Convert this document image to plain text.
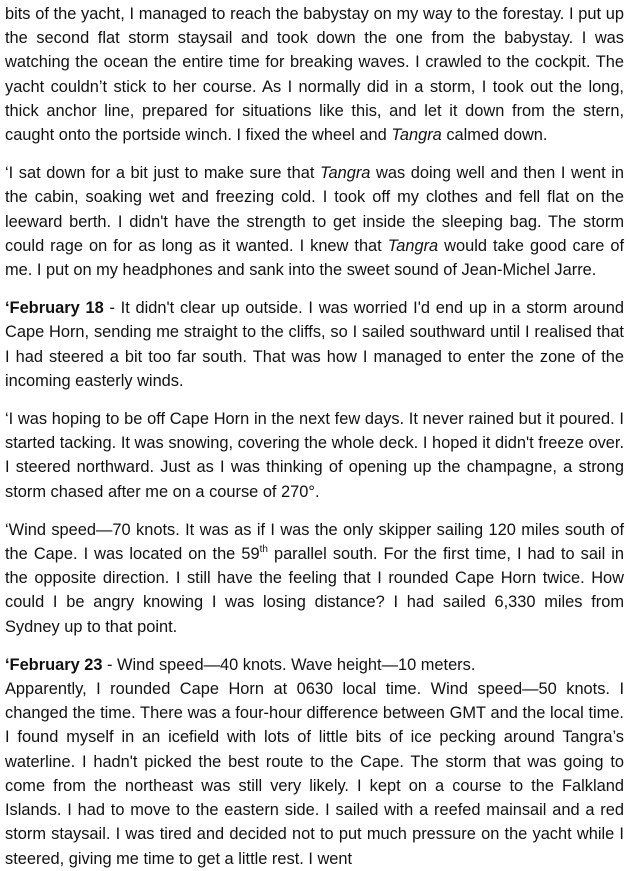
bits of the yacht, I managed to reach the babystay on my way to the forestay. I put up the second flat storm staysail and took down the one from the babystay. I was watching the ocean the entire time for breaking waves. I crawled to the cockpit. The yacht couldn’t stick to her course. As I normally did in a storm, I took out the long, thick anchor line, prepared for situations like this, and let it down from the stern, caught onto the portside winch. I fixed the wheel and Tangra calmed down.

‘I sat down for a bit just to make sure that Tangra was doing well and then I went in the cabin, soaking wet and freezing cold. I took off my clothes and fell flat on the leeward berth. I didn't have the strength to get inside the sleeping bag. The storm could rage on for as long as it wanted. I knew that Tangra would take good care of me. I put on my headphones and sank into the sweet sound of Jean-Michel Jarre.

‘February 18 - It didn't clear up outside. I was worried I'd end up in a storm around Cape Horn, sending me straight to the cliffs, so I sailed southward until I realised that I had steered a bit too far south. That was how I managed to enter the zone of the incoming easterly winds.

‘I was hoping to be off Cape Horn in the next few days. It never rained but it poured. I started tacking. It was snowing, covering the whole deck. I hoped it didn't freeze over. I steered northward. Just as I was thinking of opening up the champagne, a strong storm chased after me on a course of 270°.

‘Wind speed—70 knots. It was as if I was the only skipper sailing 120 miles south of the Cape. I was located on the 59th parallel south. For the first time, I had to sail in the opposite direction. I still have the feeling that I rounded Cape Horn twice. How could I be angry knowing I was losing distance? I had sailed 6,330 miles from Sydney up to that point.

‘February 23 - Wind speed—40 knots. Wave height—10 meters.

Apparently, I rounded Cape Horn at 0630 local time. Wind speed—50 knots. I changed the time. There was a four-hour difference between GMT and the local time. I found myself in an icefield with lots of little bits of ice pecking around Tangra’s waterline. I hadn't picked the best route to the Cape. The storm that was going to come from the northeast was still very likely. I kept on a course to the Falkland Islands. I had to move to the eastern side. I sailed with a reefed mainsail and a red storm staysail. I was tired and decided not to put much pressure on the yacht while I steered, giving me time to get a little rest. I went
